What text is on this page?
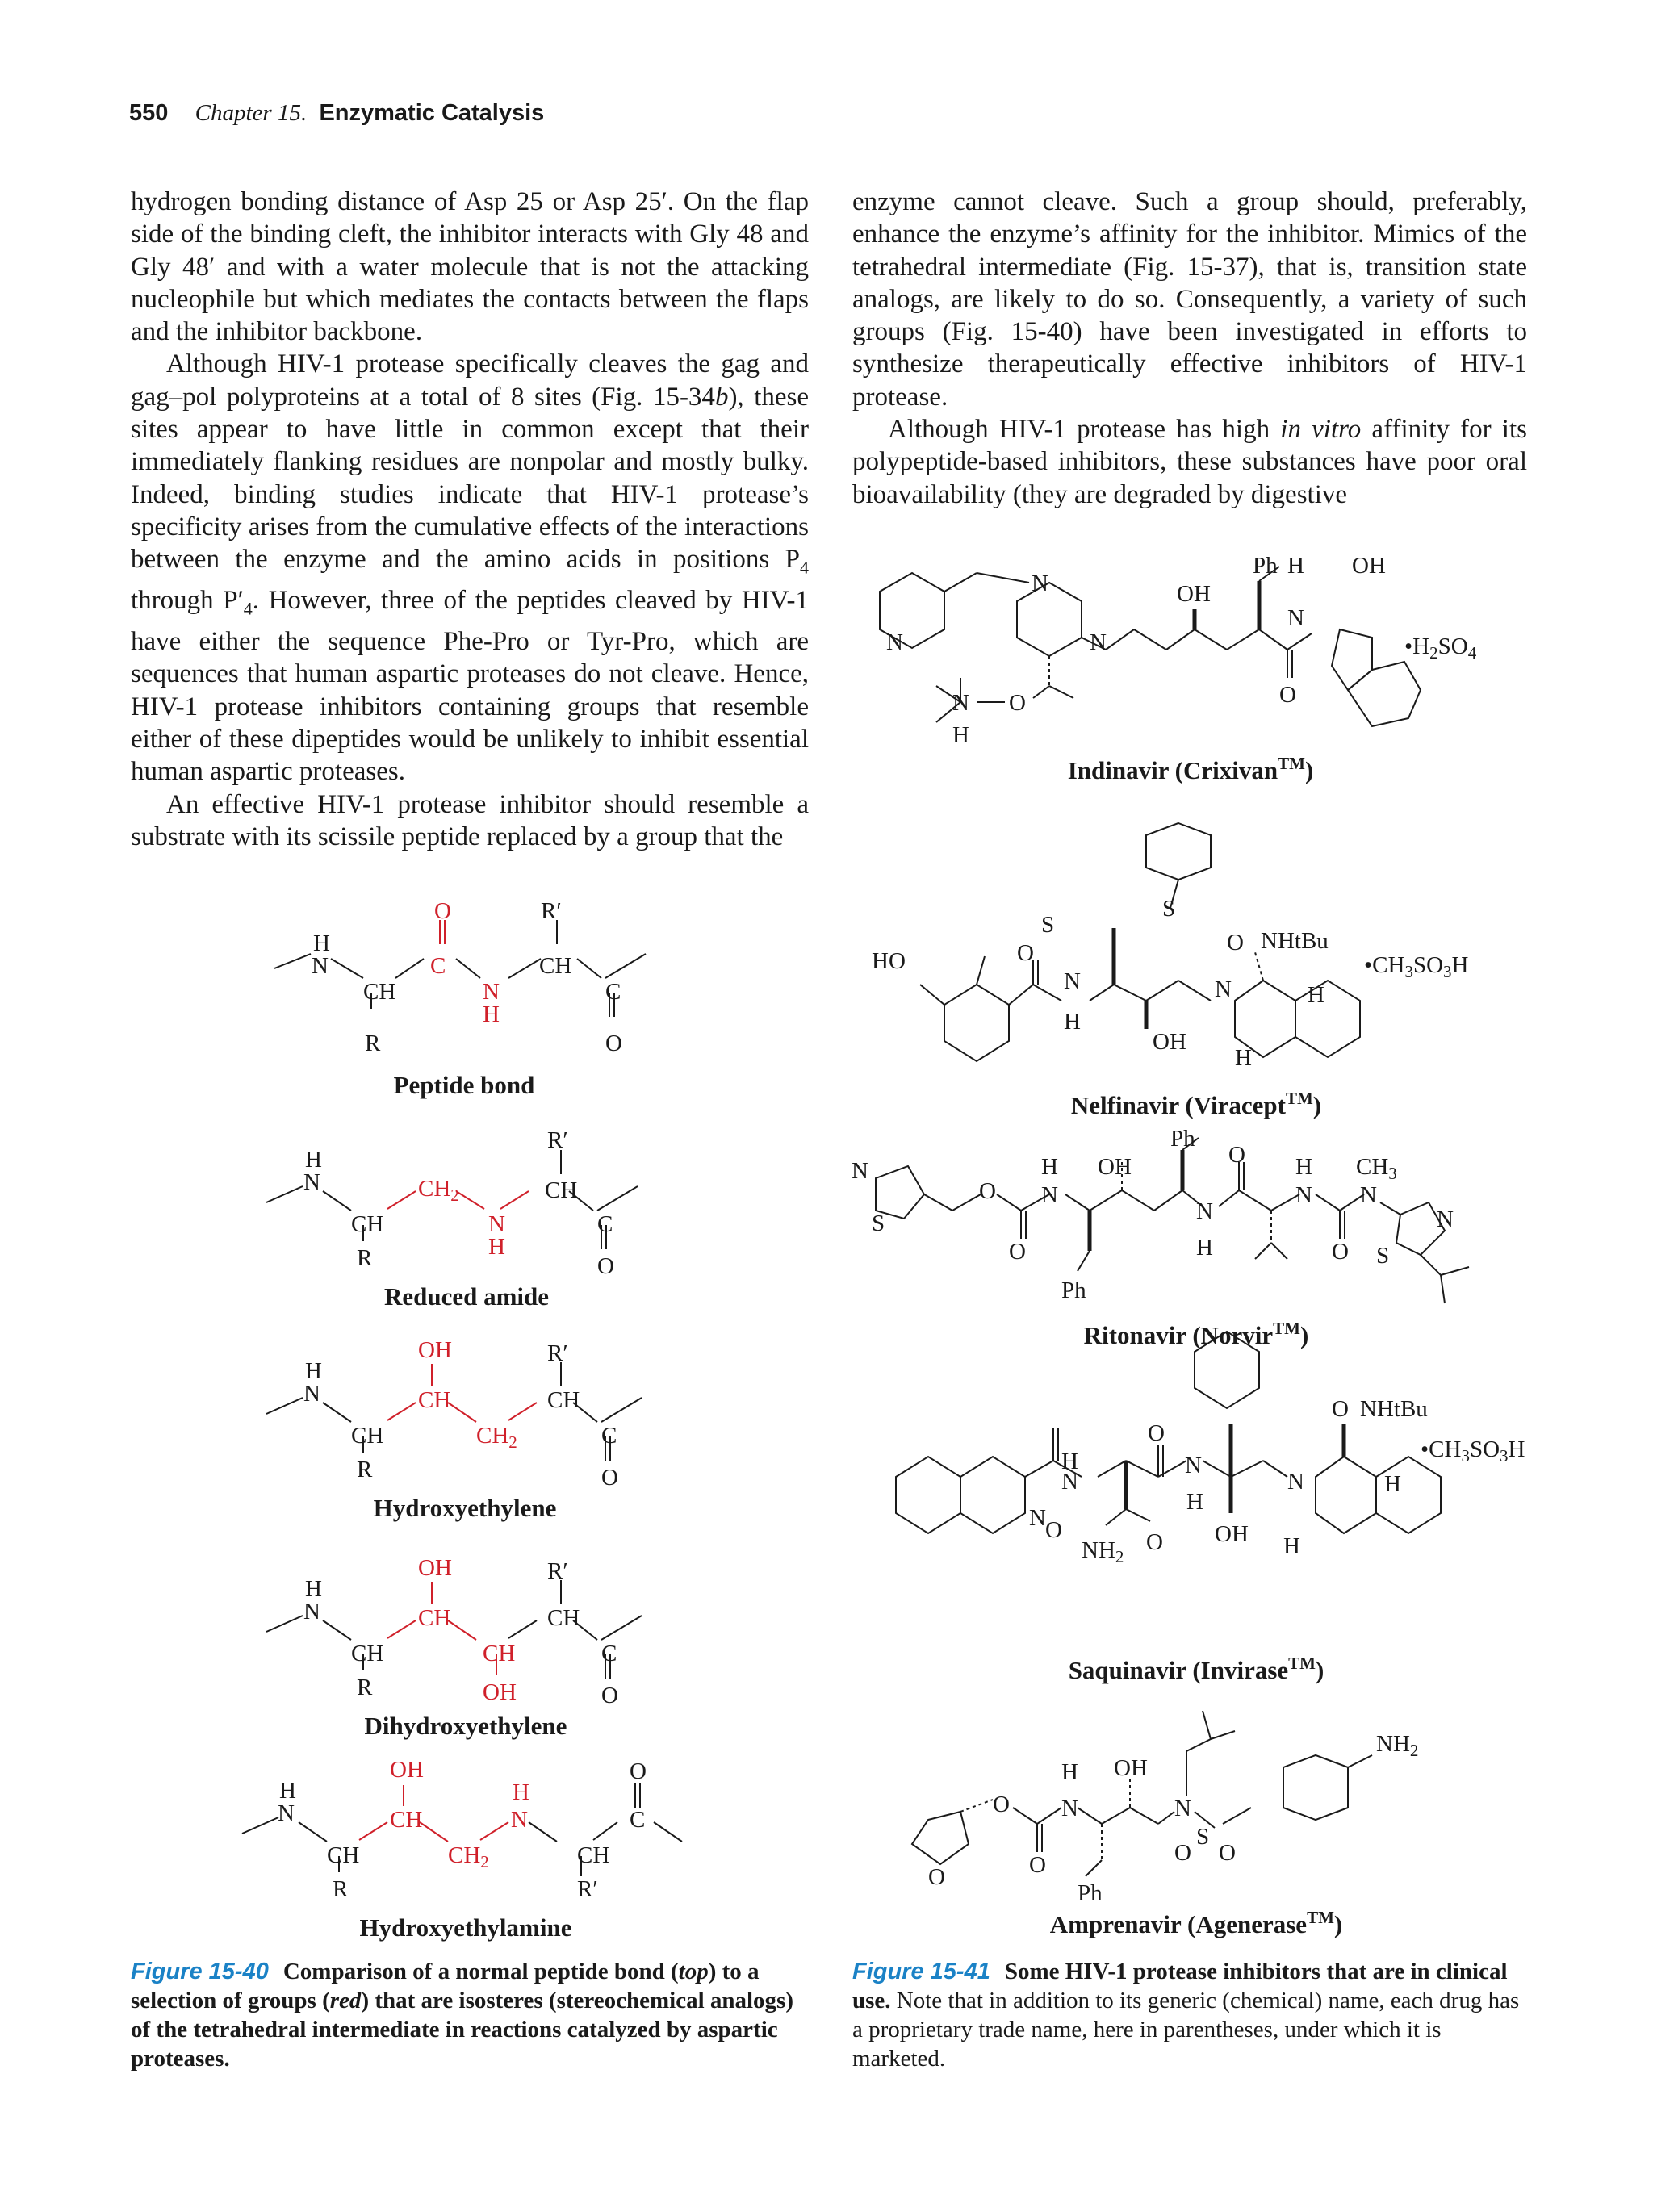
550 Chapter 15. Enzymatic Catalysis

hydrogen bonding distance of Asp 25 or Asp 25′. On the flap side of the binding cleft, the inhibitor interacts with Gly 48 and Gly 48′ and with a water molecule that is not the attacking nucleophile but which mediates the contacts between the flaps and the inhibitor backbone.

Although HIV-1 protease specifically cleaves the gag and gag–pol polyproteins at a total of 8 sites (Fig. 15-34b), these sites appear to have little in common except that their immediately flanking residues are nonpolar and mostly bulky. Indeed, binding studies indicate that HIV-1 protease’s specificity arises from the cumulative effects of the interactions between the enzyme and the amino acids in positions $P_4$ through $P'_4$. However, three of the peptides cleaved by HIV-1 have either the sequence Phe-Pro or Tyr-Pro, which are sequences that human aspartic proteases do not cleave. Hence, HIV-1 protease inhibitors containing groups that resemble either of these dipeptides would be unlikely to inhibit essential human aspartic proteases.

An effective HIV-1 protease inhibitor should resemble a substrate with its scissile peptide replaced by a group that the

enzyme cannot cleave. Such a group should, preferably, enhance the enzyme’s affinity for the inhibitor. Mimics of the tetrahedral intermediate (Fig. 15-37), that is, transition state analogs, are likely to do so. Consequently, a variety of such groups (Fig. 15-40) have been investigated in efforts to synthesize therapeutically effective inhibitors of HIV-1 protease.

Although HIV-1 protease has high in vitro affinity for its polypeptide-based inhibitors, these substances have poor oral bioavailability (they are degraded by digestive

H
N
CH
R
O
C
N
H
R′
CH
C
O
H
N
CH
R
$CH_2$
N
H
R′
CH
C
O
H
N
CH
R
OH
CH
$CH_2$
R′
CH
C
O
H
N
CH
R
OH
CH
CH
OH
R′
CH
C
O
H
N
CH
R
OH
CH
$CH_2$
H
N
CH
R′
O
C
Peptide bond
Reduced amide
Hydroxyethylene
Dihydroxyethylene
Hydroxyethylamine
N
N
N
OH
Ph H
N
O
OH
$•H_2SO_4$
O
N
H
S
S
O
HO
N
H
OH
N
O NHtBu
H
H
$•CH_3SO_3H$
N
S
O
O
H
N
Ph
OH
Ph
N
H
O H
N
O
$CH_3$
N
N
S
N
H
N
O
$NH_2$
O
O
N
H
OH
N
O NHtBu
H
H
$•CH_3SO_3H$
O
O
O
H
N
Ph
OH
N
S
O O
$NH_2$
Indinavir (Crixivan™)
Nelfinavir (Viracept™)
Ritonavir (Norvir™)
Saquinavir (Invirase™)
Amprenavir (Agenerase™)
Figure 15-40 Comparison of a normal peptide bond (top) to a selection of groups (red) that are isosteres (stereochemical analogs) of the tetrahedral intermediate in reactions catalyzed by aspartic proteases.
Figure 15-41 Some HIV-1 protease inhibitors that are in clinical use. Note that in addition to its generic (chemical) name, each drug has a proprietary trade name, here in parentheses, under which it is marketed.
